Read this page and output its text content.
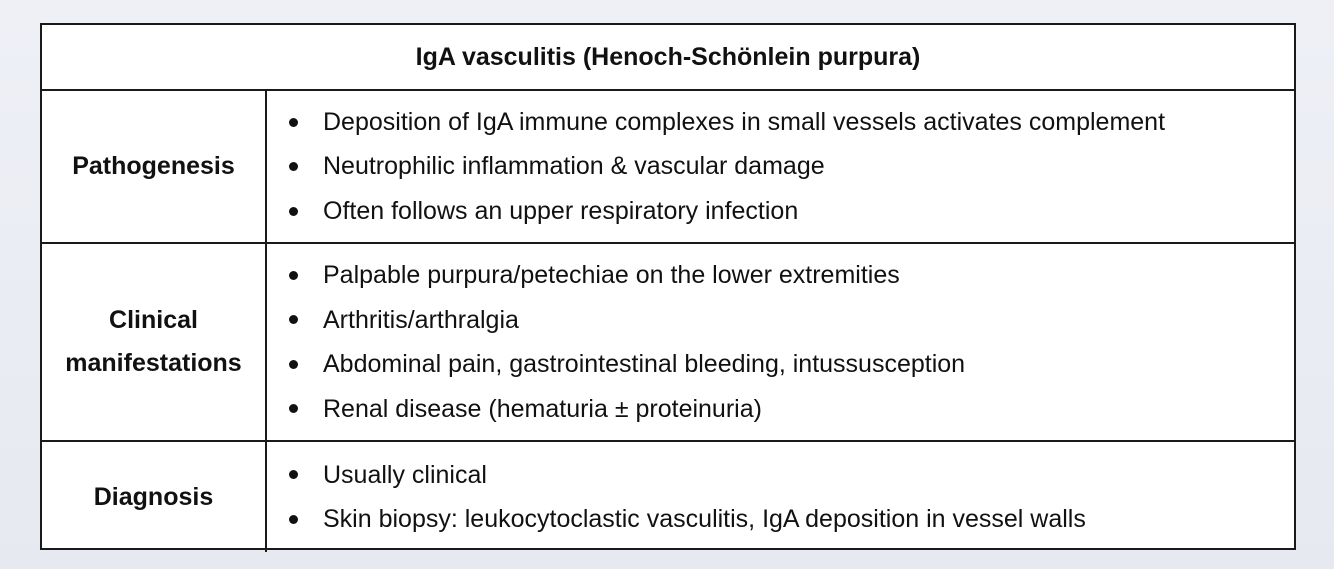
IgA vasculitis (Henoch-Schönlein purpura)
Pathogenesis
Deposition of IgA immune complexes in small vessels activates complement
Neutrophilic inflammation & vascular damage
Often follows an upper respiratory infection
Clinical
manifestations
Palpable purpura/petechiae on the lower extremities
Arthritis/arthralgia
Abdominal pain, gastrointestinal bleeding, intussusception
Renal disease (hematuria ± proteinuria)
Diagnosis
Usually clinical
Skin biopsy: leukocytoclastic vasculitis, IgA deposition in vessel walls
